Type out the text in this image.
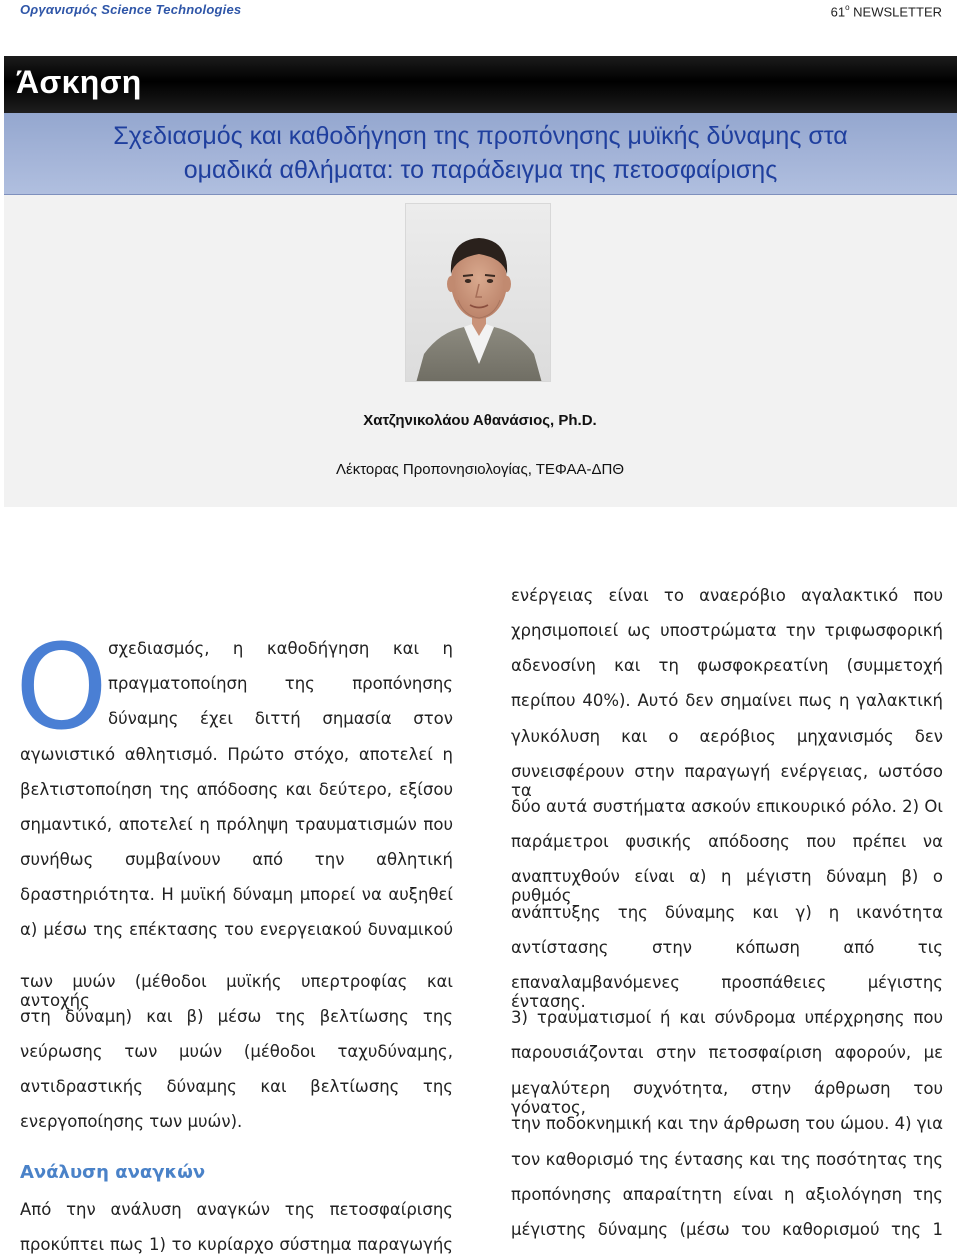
Οργανισμός Science Technologies	$61^o$ NEWSLETTER
Άσκηση
Σχεδιασμός και καθοδήγηση της προπόνησης μυϊκής δύναμης στα
ομαδικά αθλήματα: το παράδειγμα της πετοσφαίρισης
Χατζηνικολάου Αθανάσιος, Ph.D.
Λέκτορας Προπονησιολογίας, ΤΕΦΑΑ-ΔΠΘ
Ο σχεδιασμός, η καθοδήγηση και η
πραγματοποίηση της προπόνησης
δύναμης έχει διττή σημασία στον
αγωνιστικό αθλητισμό. Πρώτο στόχο, αποτελεί η
βελτιστοποίηση της απόδοσης και δεύτερο, εξίσου
σημαντικό, αποτελεί η πρόληψη τραυματισμών που
συνήθως συμβαίνουν από την αθλητική
δραστηριότητα. Η μυϊκή δύναμη μπορεί να αυξηθεί
α) μέσω της επέκτασης του ενεργειακού δυναμικού
των μυών (μέθοδοι μυϊκής υπερτροφίας και αντοχής
στη δύναμη) και β) μέσω της βελτίωσης της
νεύρωσης των μυών (μέθοδοι ταχυδύναμης,
αντιδραστικής δύναμης και βελτίωσης της
ενεργοποίησης των μυών).
Από την ανάλυση αναγκών της πετοσφαίρισης
προκύπτει πως 1) το κυρίαρχο σύστημα παραγωγής
ενέργειας είναι το αναερόβιο αγαλακτικό που
χρησιμοποιεί ως υποστρώματα την τριφωσφορική
αδενοσίνη και τη φωσφοκρεατίνη (συμμετοχή
περίπου 40%). Αυτό δεν σημαίνει πως η γαλακτική
γλυκόλυση και ο αερόβιος μηχανισμός δεν
συνεισφέρουν στην παραγωγή ενέργειας, ωστόσο τα
δύο αυτά συστήματα ασκούν επικουρικό ρόλο. 2) Οι
παράμετροι φυσικής απόδοσης που πρέπει να
αναπτυχθούν είναι α) η μέγιστη δύναμη β) ο ρυθμός
ανάπτυξης της δύναμης και γ) η ικανότητα
αντίστασης στην κόπωση από τις
επαναλαμβανόμενες προσπάθειες μέγιστης έντασης.
3) τραυματισμοί ή και σύνδρομα υπέρχρησης που
παρουσιάζονται στην πετοσφαίριση αφορούν, με
μεγαλύτερη συχνότητα, στην άρθρωση του γόνατος,
την ποδοκνημική και την άρθρωση του ώμου. 4) για
τον καθορισμό της έντασης και της ποσότητας της
προπόνησης απαραίτητη είναι η αξιολόγηση της
μέγιστης δύναμης (μέσω του καθορισμού της 1
Ανάλυση αναγκών
